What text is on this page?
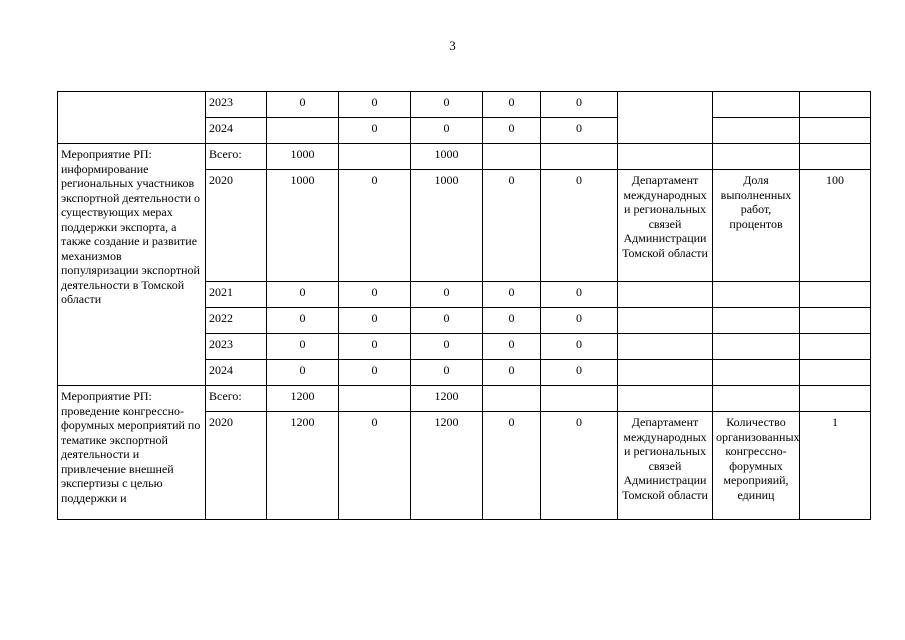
3
	2023	0	0	0	0	0			
	2024		0	0	0	0			
Мероприятие РП: информирование региональных участников экспортной деятельности о существующих мерах поддержки экспорта, а также создание и развитие механизмов популяризации экспортной деятельности в Томской области	Всего:	1000		1000					
	2020	1000	0	1000	0	0	Департамент международных и региональных связей Администрации Томской области	Доля выполненных работ, процентов	100
	2021	0	0	0	0	0			
	2022	0	0	0	0	0			
	2023	0	0	0	0	0			
	2024	0	0	0	0	0			
Мероприятие РП: проведение конгрессно-форумных мероприятий по тематике экспортной деятельности и привлечение внешней экспертизы с целью поддержки и	Всего:	1200		1200					
	2020	1200	0	1200	0	0	Департамент международных и региональных связей Администрации Томской области	Количество организованных конгрессно-форумных мероприяий, единиц	1
